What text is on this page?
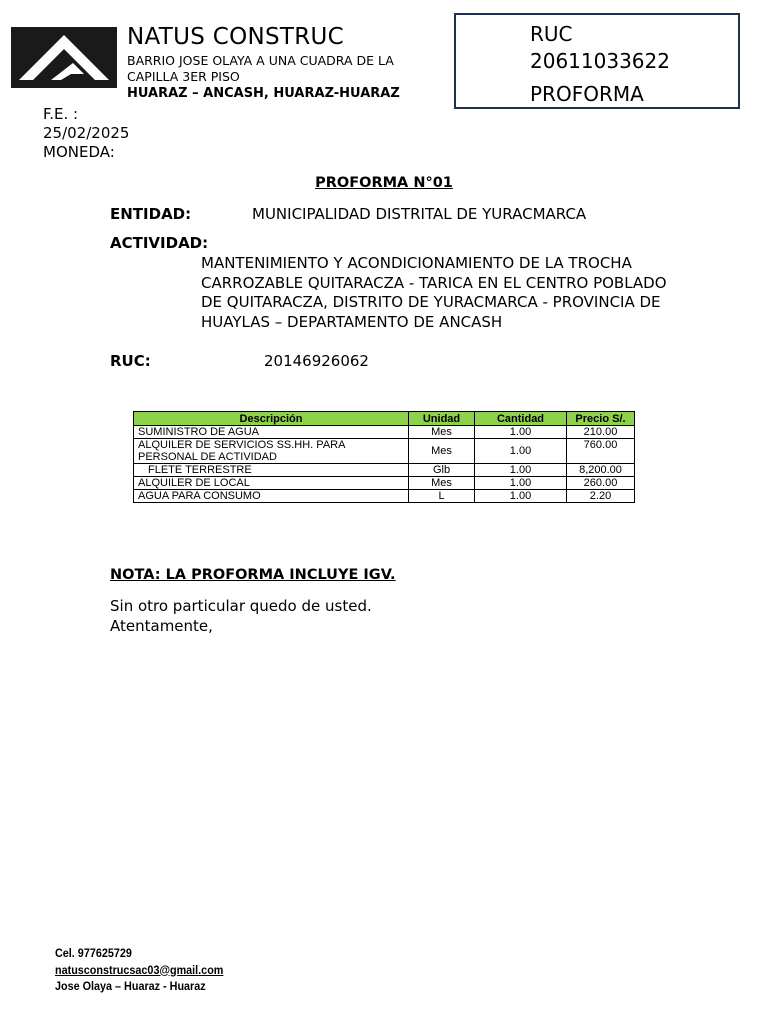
NATUS CONSTRUC
BARRIO JOSE OLAYA A UNA CUADRA DE LA CAPILLA 3ER PISO
HUARAZ – ANCASH, HUARAZ-HUARAZ
RUC
20611033622
PROFORMA
F.E. :
25/02/2025
MONEDA:
PROFORMA N°01
ENTIDAD:	MUNICIPALIDAD DISTRITAL DE YURACMARCA
ACTIVIDAD:
MANTENIMIENTO Y ACONDICIONAMIENTO DE LA TROCHA CARROZABLE QUITARACZA - TARICA EN EL CENTRO POBLADO DE QUITARACZA, DISTRITO DE YURACMARCA - PROVINCIA DE HUAYLAS – DEPARTAMENTO DE ANCASH
RUC:	20146926062
Descripción	Unidad	Cantidad	Precio S/.
SUMINISTRO DE AGUA	Mes	1.00	210.00
ALQUILER DE SERVICIOS SS.HH. PARA PERSONAL DE ACTIVIDAD	Mes	1.00	760.00
FLETE TERRESTRE	Glb	1.00	8,200.00
ALQUILER DE LOCAL	Mes	1.00	260.00
AGUA PARA CONSUMO	L	1.00	2.20
NOTA: LA PROFORMA INCLUYE IGV.
Sin otro particular quedo de usted.
Atentamente,
Cel. 977625729
natusconstrucsac03@gmail.com
Jose Olaya – Huaraz - Huaraz
